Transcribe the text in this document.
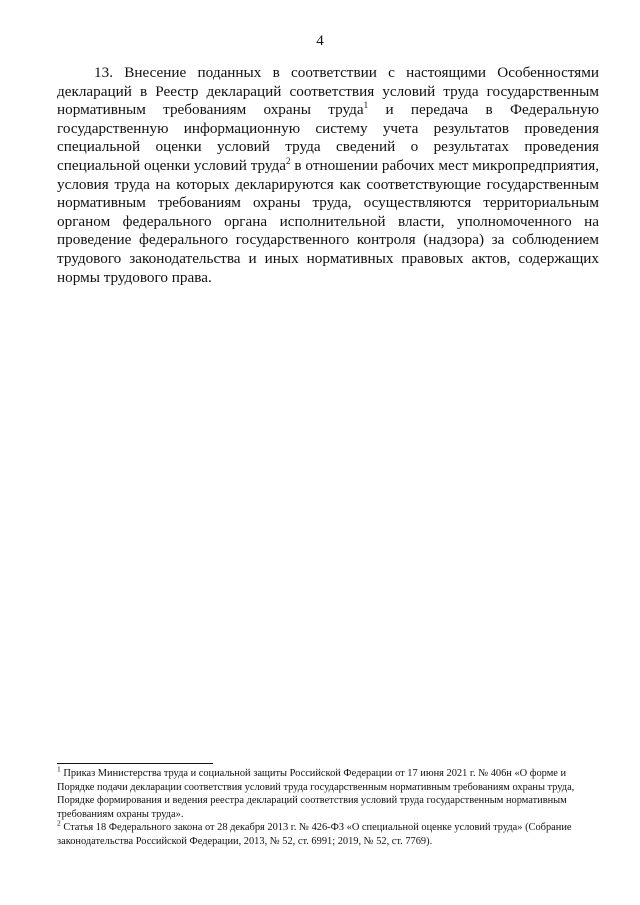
4

13. Внесение поданных в соответствии с настоящими Особенностями деклараций в Реестр деклараций соответствия условий труда государственным нормативным требованиям охраны труда$^1$ и передача в Федеральную государственную информационную систему учета результатов проведения специальной оценки условий труда сведений о результатах проведения специальной оценки условий труда$^2$ в отношении рабочих мест микропредприятия, условия труда на которых декларируются как соответствующие государственным нормативным требованиям охраны труда, осуществляются территориальным органом федерального органа исполнительной власти, уполномоченного на проведение федерального государственного контроля (надзора) за соблюдением трудового законодательства и иных нормативных правовых актов, содержащих нормы трудового права.

$^1$ Приказ Министерства труда и социальной защиты Российской Федерации от 17 июня 2021 г. № 406н «О форме и Порядке подачи декларации соответствия условий труда государственным нормативным требованиям охраны труда, Порядке формирования и ведения реестра деклараций соответствия условий труда государственным нормативным требованиям охраны труда».

$^2$ Статья 18 Федерального закона от 28 декабря 2013 г. № 426-ФЗ «О специальной оценке условий труда» (Собрание законодательства Российской Федерации, 2013, № 52, ст. 6991; 2019, № 52, ст. 7769).
